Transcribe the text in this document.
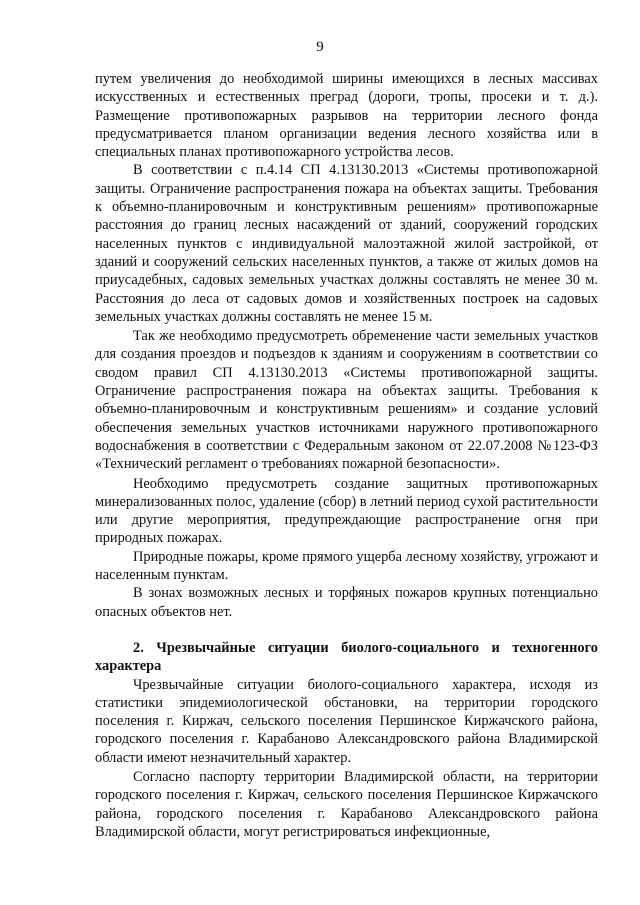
9

путем увеличения до необходимой ширины имеющихся в лесных массивах искусственных и естественных преград (дороги, тропы, просеки и т. д.). Размещение противопожарных разрывов на территории лесного фонда предусматривается планом организации ведения лесного хозяйства или в специальных планах противопожарного устройства лесов.

В соответствии с п.4.14 СП 4.13130.2013 «Системы противопожарной защиты. Ограничение распространения пожара на объектах защиты. Требования к объемно-планировочным и конструктивным решениям» противопожарные расстояния до границ лесных насаждений от зданий, сооружений городских населенных пунктов с индивидуальной малоэтажной жилой застройкой, от зданий и сооружений сельских населенных пунктов, а также от жилых домов на приусадебных, садовых земельных участках должны составлять не менее 30 м. Расстояния до леса от садовых домов и хозяйственных построек на садовых земельных участках должны составлять не менее 15 м.

Так же необходимо предусмотреть обременение части земельных участков для создания проездов и подъездов к зданиям и сооружениям в соответствии со сводом правил СП 4.13130.2013 «Системы противопожарной защиты. Ограничение распространения пожара на объектах защиты. Требования к объемно-планировочным и конструктивным решениям» и создание условий обеспечения земельных участков источниками наружного противопожарного водоснабжения в соответствии с Федеральным законом от 22.07.2008 №123-ФЗ «Технический регламент о требованиях пожарной безопасности».

Необходимо предусмотреть создание защитных противопожарных минерализованных полос, удаление (сбор) в летний период сухой растительности или другие мероприятия, предупреждающие распространение огня при природных пожарах.

Природные пожары, кроме прямого ущерба лесному хозяйству, угрожают и населенным пунктам.

В зонах возможных лесных и торфяных пожаров крупных потенциально опасных объектов нет.

2. Чрезвычайные ситуации биолого-социального и техногенного характера

Чрезвычайные ситуации биолого-социального характера, исходя из статистики эпидемиологической обстановки, на территории городского поселения г. Киржач, сельского поселения Першинское Киржачского района, городского поселения г. Карабаново Александровского района Владимирской области имеют незначительный характер.

Согласно паспорту территории Владимирской области, на территории городского поселения г. Киржач, сельского поселения Першинское Киржачского района, городского поселения г. Карабаново Александровского района Владимирской области, могут регистрироваться инфекционные,
